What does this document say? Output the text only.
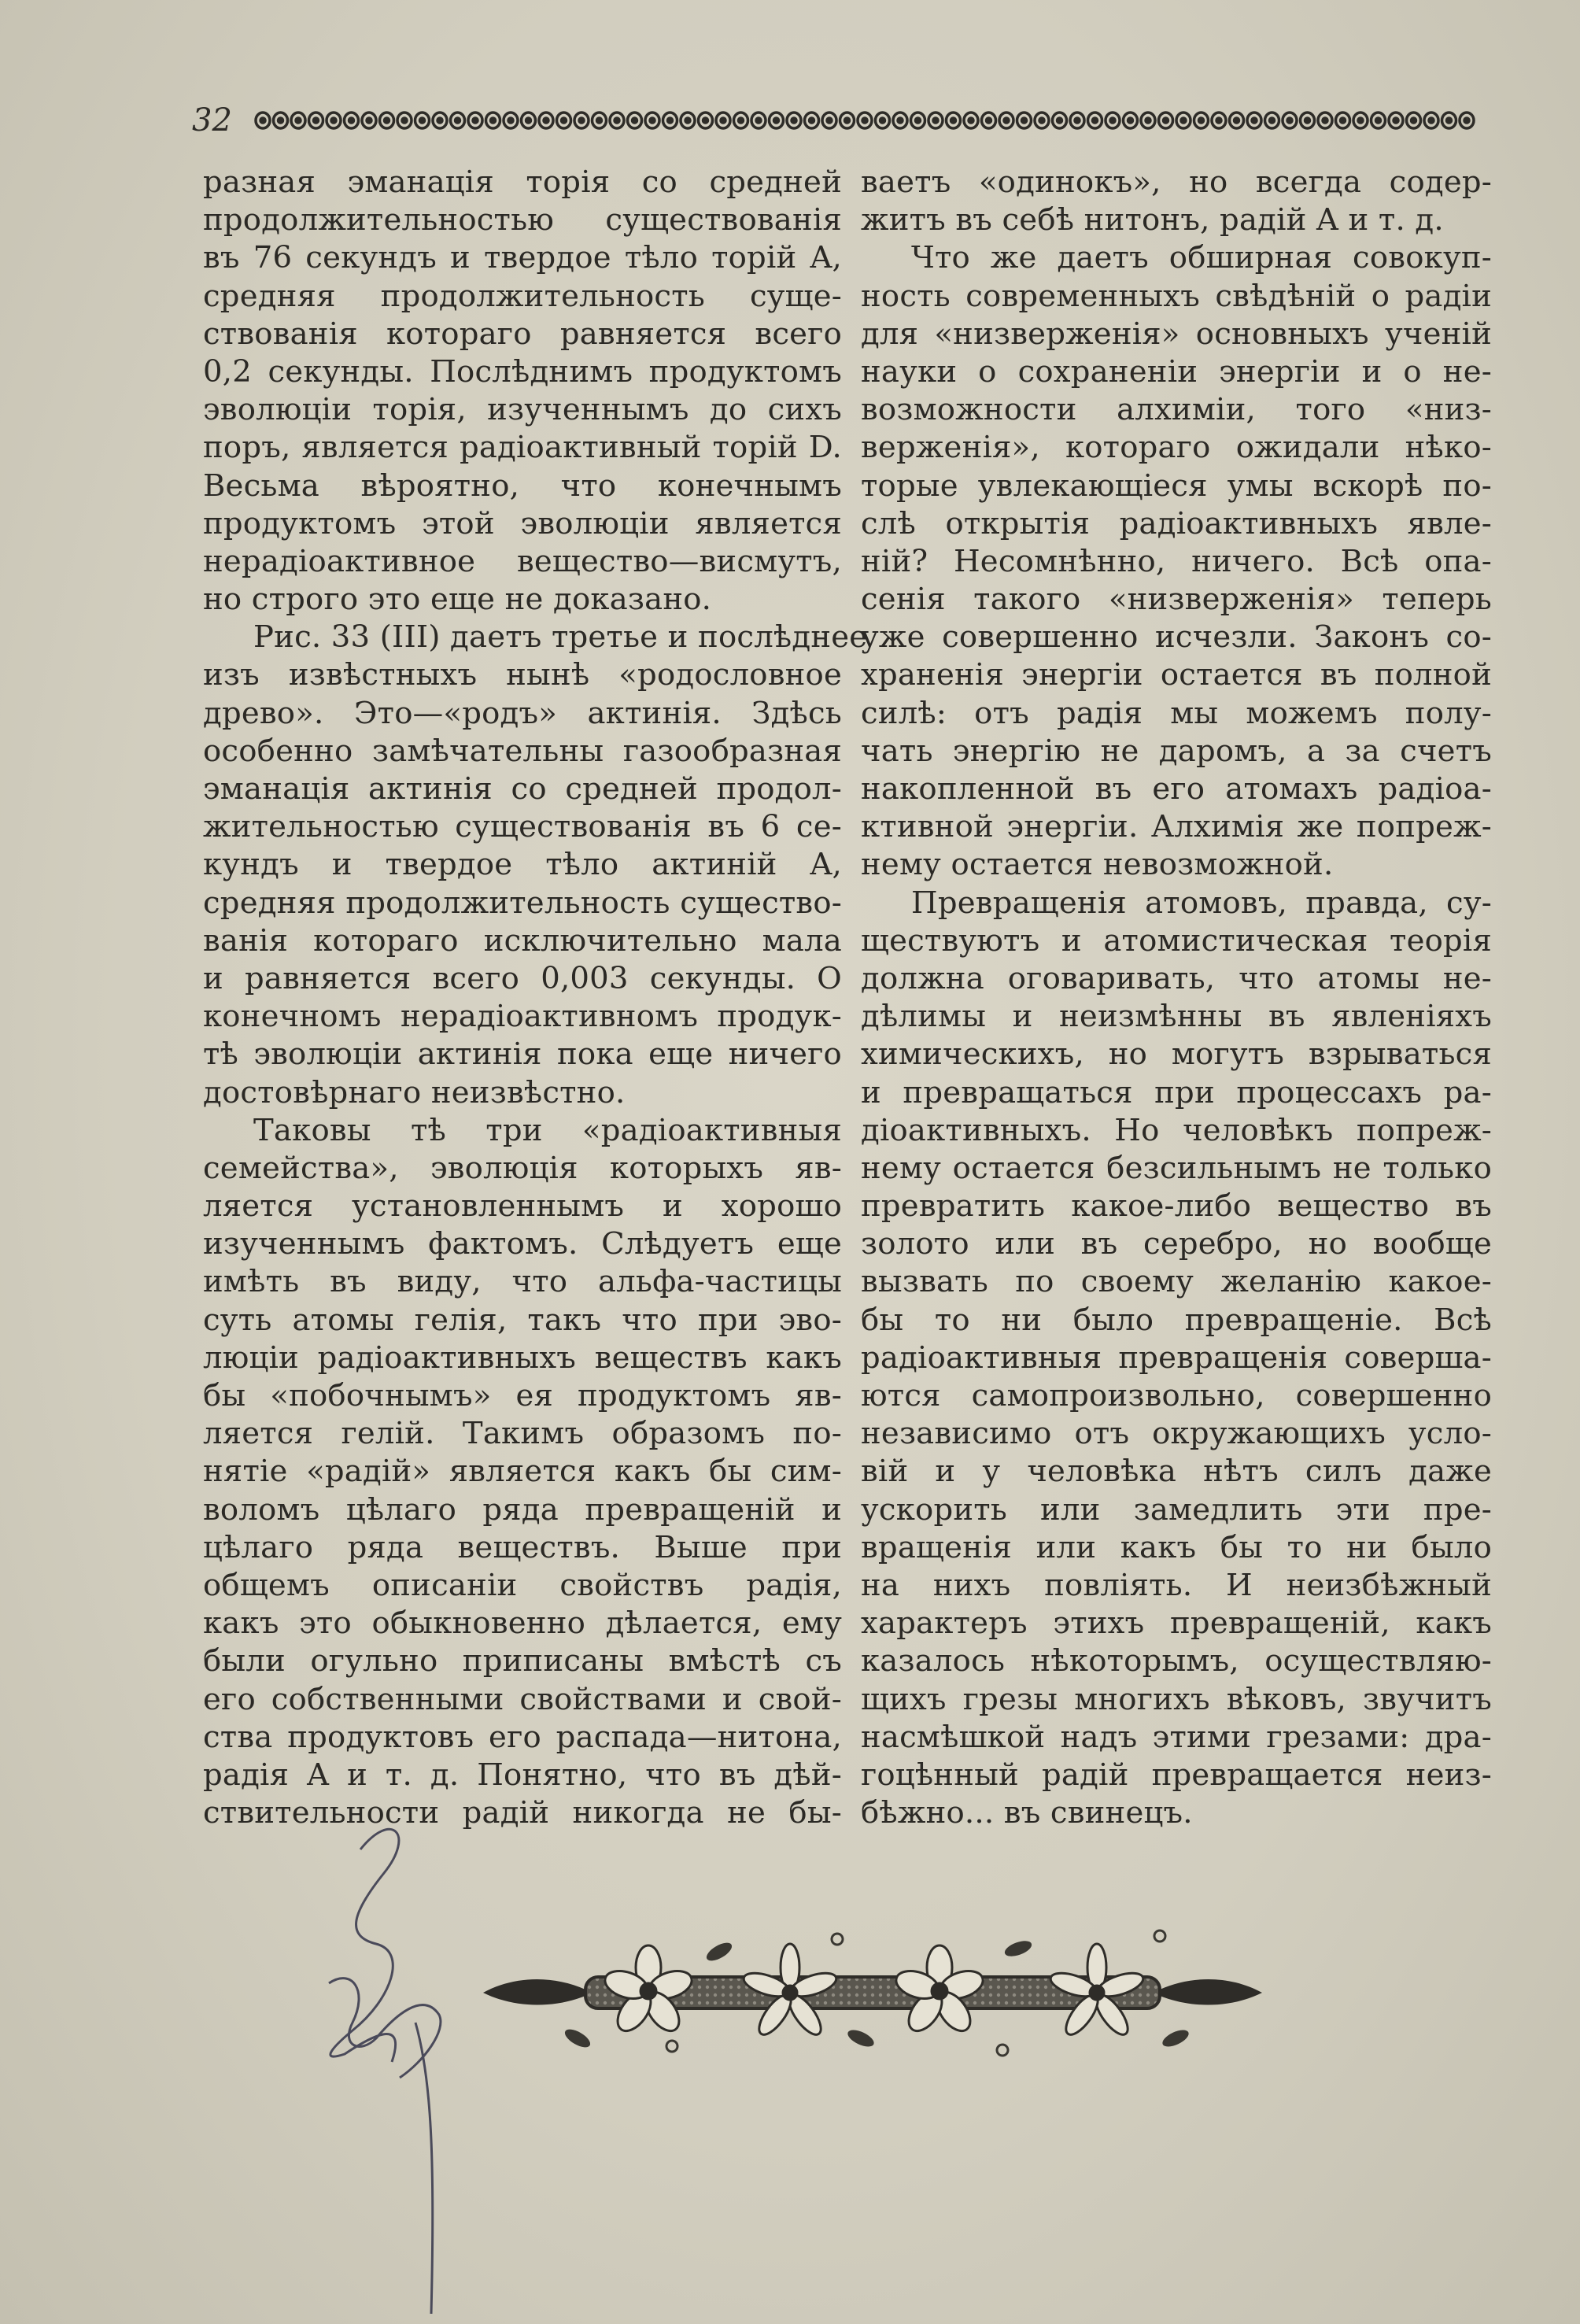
32
разная эманація торія со средней
продолжительностью существованія
въ 76 секундъ и твердое тѣло торій A,
средняя продолжительность суще-
ствованія котораго равняется всего
0,2 секунды. Послѣднимъ продуктомъ
эволюціи торія, изученнымъ до сихъ
поръ, является радіоактивный торій D.
Весьма вѣроятно, что конечнымъ
продуктомъ этой эволюціи является
нерадіоактивное вещество—висмутъ,
но строго это еще не доказано.
Рис. 33 (III) даетъ третье и послѣднее
изъ извѣстныхъ нынѣ «родословное
древо». Это—«родъ» актинія. Здѣсь
особенно замѣчательны газообразная
эманація актинія со средней продол-
жительностью существованія въ 6 се-
кундъ и твердое тѣло актиній A,
средняя продолжительность существо-
ванія котораго исключительно мала
и равняется всего 0,003 секунды. О
конечномъ нерадіоактивномъ продук-
тѣ эволюціи актинія пока еще ничего
достовѣрнаго неизвѣстно.
Таковы тѣ три «радіоактивныя
семейства», эволюція которыхъ яв-
ляется установленнымъ и хорошо
изученнымъ фактомъ. Слѣдуетъ еще
имѣть въ виду, что альфа-частицы
суть атомы гелія, такъ что при эво-
люціи радіоактивныхъ веществъ какъ
бы «побочнымъ» ея продуктомъ яв-
ляется гелій. Такимъ образомъ по-
нятіе «радій» является какъ бы сим-
воломъ цѣлаго ряда превращеній и
цѣлаго ряда веществъ. Выше при
общемъ описаніи свойствъ радія,
какъ это обыкновенно дѣлается, ему
были огульно приписаны вмѣстѣ съ
его собственными свойствами и свой-
ства продуктовъ его распада—нитона,
радія A и т. д. Понятно, что въ дѣй-
ствительности радій никогда не бы-
ваетъ «одинокъ», но всегда содер-
житъ въ себѣ нитонъ, радій A и т. д.
Что же даетъ обширная совокуп-
ность современныхъ свѣдѣній о радіи
для «низверженія» основныхъ ученій
науки о сохраненіи энергіи и о не-
возможности алхиміи, того «низ-
верженія», котораго ожидали нѣко-
торые увлекающіеся умы вскорѣ по-
слѣ открытія радіоактивныхъ явле-
ній? Несомнѣнно, ничего. Всѣ опа-
сенія такого «низверженія» теперь
уже совершенно исчезли. Законъ со-
храненія энергіи остается въ полной
силѣ: отъ радія мы можемъ полу-
чать энергію не даромъ, а за счетъ
накопленной въ его атомахъ радіоа-
ктивной энергіи. Алхимія же попреж-
нему остается невозможной.
Превращенія атомовъ, правда, су-
ществуютъ и атомистическая теорія
должна оговаривать, что атомы не-
дѣлимы и неизмѣнны въ явленіяхъ
химическихъ, но могутъ взрываться
и превращаться при процессахъ ра-
діоактивныхъ. Но человѣкъ попреж-
нему остается безсильнымъ не только
превратить какое-либо вещество въ
золото или въ серебро, но вообще
вызвать по своему желанію какое-
бы то ни было превращеніе. Всѣ
радіоактивныя превращенія соверша-
ются самопроизвольно, совершенно
независимо отъ окружающихъ усло-
вій и у человѣка нѣтъ силъ даже
ускорить или замедлить эти пре-
вращенія или какъ бы то ни было
на нихъ повліять. И неизбѣжный
характеръ этихъ превращеній, какъ
казалось нѣкоторымъ, осуществляю-
щихъ грезы многихъ вѣковъ, звучитъ
насмѣшкой надъ этими грезами: дра-
гоцѣнный радій превращается неиз-
бѣжно... въ свинецъ.
